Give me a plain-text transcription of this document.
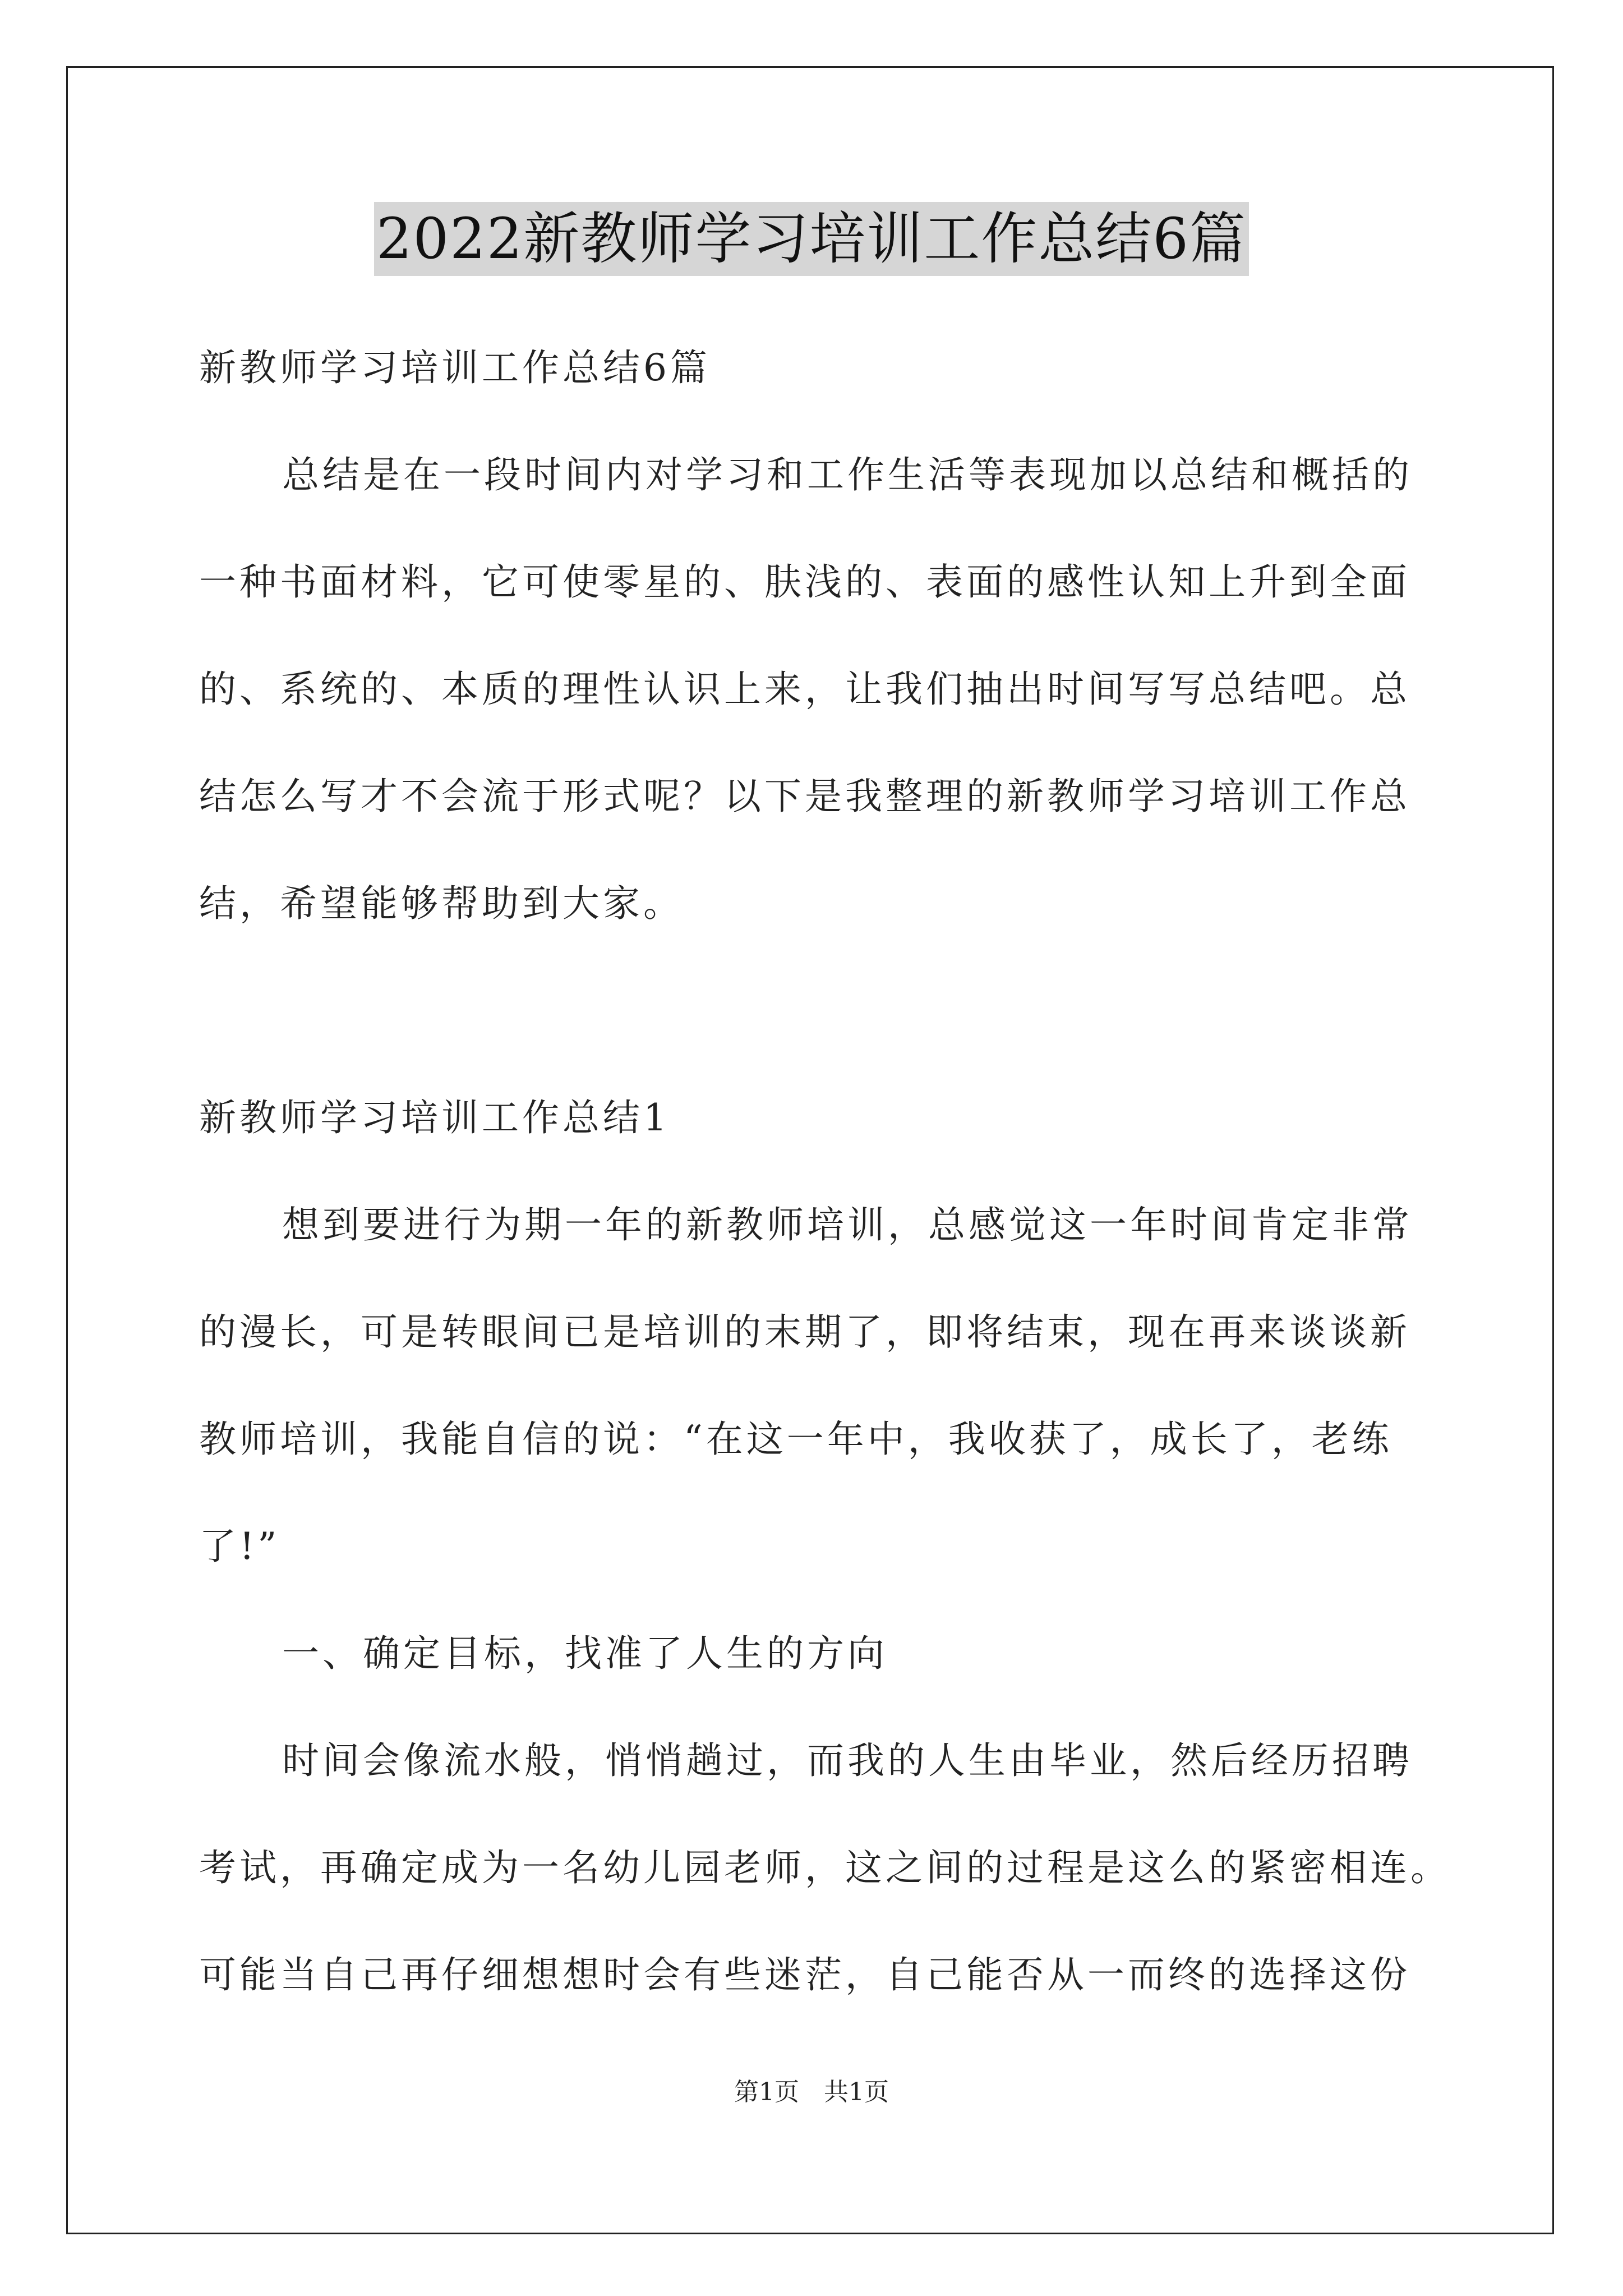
2022新教师学习培训工作总结6篇
新教师学习培训工作总结6篇
总结是在一段时间内对学习和工作生活等表现加以总结和概括的
一种书面材料，它可使零星的、肤浅的、表面的感性认知上升到全面
的、系统的、本质的理性认识上来，让我们抽出时间写写总结吧。总
结怎么写才不会流于形式呢？以下是我整理的新教师学习培训工作总
结，希望能够帮助到大家。
新教师学习培训工作总结1
想到要进行为期一年的新教师培训，总感觉这一年时间肯定非常
的漫长，可是转眼间已是培训的末期了，即将结束，现在再来谈谈新
教师培训，我能自信的说：“在这一年中，我收获了，成长了，老练
了!”
一、确定目标，找准了人生的方向
时间会像流水般，悄悄趟过，而我的人生由毕业，然后经历招聘
考试，再确定成为一名幼儿园老师，这之间的过程是这么的紧密相连。
可能当自己再仔细想想时会有些迷茫，自己能否从一而终的选择这份
第1页 共1页
